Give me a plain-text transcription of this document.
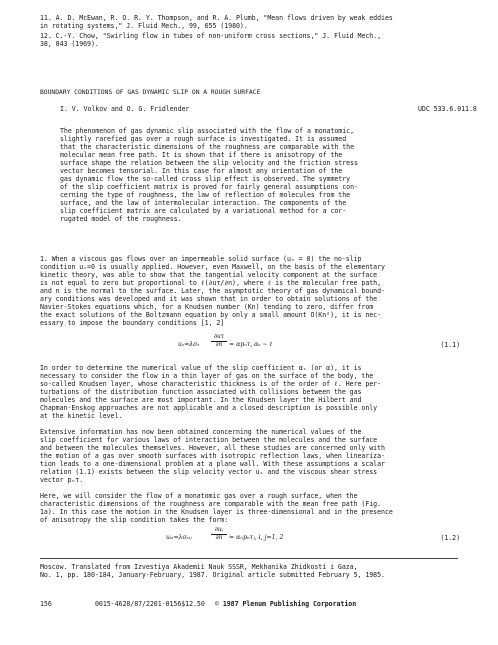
11. A. D. McEwan, R. O. R. Y. Thompson, and R. A. Plumb, "Mean flows driven by weak eddies
in rotating systems," J. Fluid Mech., 99, 655 (1980).
12. C.-Y. Chow, "Swirling flow in tubes of non-uniform cross sections," J. Fluid Mech.,
38, 843 (1969).
BOUNDARY CONDITIONS OF GAS DYNAMIC SLIP ON A ROUGH SURFACE
I. V. Volkov and O. G. Fridlender	UDC 533.6.011.8
The phenomenon of gas dynamic slip associated with the flow of a monatomic,
slightly rarefied gas over a rough surface is investigated. It is assumed
that the characteristic dimensions of the roughness are comparable with the
molecular mean free path. It is shown that if there is anisotropy of the
surface shape the relation between the slip velocity and the friction stress
vector becomes tensorial. In this case for almost any orientation of the
gas dynamic flow the so-called cross slip effect is observed. The symmetry
of the slip coefficient matrix is proved for fairly general assumptions con-
cerning the type of roughness, the law of reflection of molecules from the
surface, and the law of intermolecular interaction. The components of the
slip coefficient matrix are calculated by a variational method for a cor-
rugated model of the roughness.
1. When a viscous gas flows over an impermeable solid surface (uₙ = 0) the no-slip
condition uᵢ=0 is usually applied. However, even Maxwell, on the basis of the elementary
kinetic theory, was able to show that the tangential velocity component at the surface
is not equal to zero but proportional to ℓ(∂uτ/∂n), where ℓ is the molecular free path,
and n is the normal to the surface. Later, the asymptotic theory of gas dynamical bound-
ary conditions was developed and it was shown that in order to obtain solutions of the
Navier-Stokes equations which, for a Knudsen number (Kn) tending to zero, differ from
the exact solutions of the Boltzmann equation by only a small amount O(Kn²), it is nec-
essary to impose the boundary conditions [1, 2]
uₛ=λσₛ
∂uτ
∂n	= αpₙτ, αₛ ∼ ℓ	(1.1)
In order to determine the numerical value of the slip coefficient αₛ (or α), it is
necessary to consider the flow in a thin layer of gas on the surface of the body, the
so-called Knudsen layer, whose characteristic thickness is of the order of ℓ. Here per-
turbations of the distribution function associated with collisions between the gas
molecules and the surface are most important. In the Knudsen layer the Hilbert and
Chapman-Enskog approaches are not applicable and a closed description is possible only
at the kinetic level.
Extensive information has now been obtained concerning the numerical values of the
slip coefficient for various laws of interaction between the molecules and the surface
and between the molecules themselves. However, all these studies are concerned only with
the motion of a gas over smooth surfaces with isotropic reflection laws, when lineariza-
tion leads to a one-dimensional problem at a plane wall. With these assumptions a scalar
relation (1.1) exists between the slip velocity vector uₛ and the viscous shear stress
vector pₙτ.
Here, we will consider the flow of a monatomic gas over a rough surface, when the
characteristic dimensions of the roughness are comparable with the mean free path (Fig.
1a). In this case the motion in the Knudsen layer is three-dimensional and in the presence
of anisotropy the slip condition takes the form:
uₛᵢ=λσₛᵢⱼ
∂uⱼ
∂n	= αᵢⱼpₙτⱼ, i, j=1, 2	(1.2)
Moscow. Translated from Izvestiya Akademii Nauk SSSR, Mekhanika Zhidkosti i Gaza,
No. 1, pp. 180-184, January-February, 1987. Original article submitted February 5, 1985.
156	0015-4628/87/2201-0156$12.50 © 1987 Plenum Publishing Corporation
